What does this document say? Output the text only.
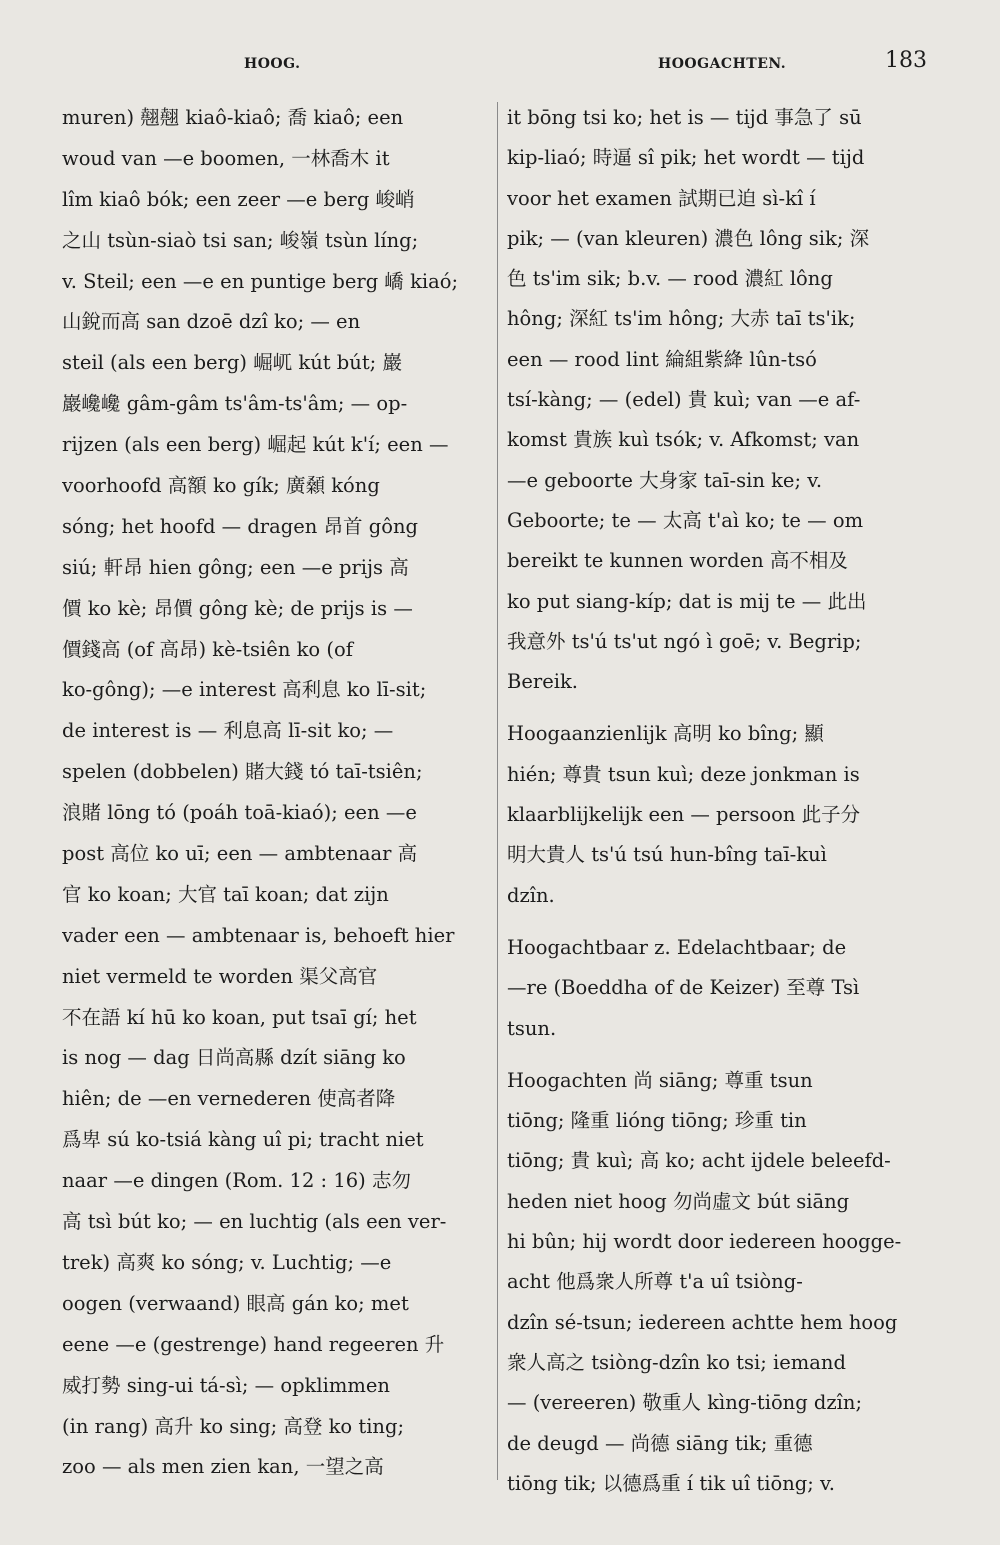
HOOG.	HOOGACHTEN.	183
muren) 翹翹 kiaô-kiaô; 喬 kiaô; een
woud van —e boomen, 一林喬木 it
lîm kiaô bók; een zeer —e berg 峻峭
之山 tsùn-siaò tsi san; 峻嶺 tsùn líng;
v. Steil; een —e en puntige berg 嶠 kiaó;
山銳而高 san dzoē dzî ko; — en
steil (als een berg) 崛屼 kút bút; 巖
巖巉巉 gâm-gâm ts'âm-ts'âm; — op-
rijzen (als een berg) 崛起 kút k'í; een —
voorhoofd 高額 ko gík; 廣顙 kóng
sóng; het hoofd — dragen 昂首 gông
siú; 軒昂 hien gông; een —e prijs 高
價 ko kè; 昂價 gông kè; de prijs is —
價錢高 (of 高昂) kè-tsiên ko (of
ko-gông); —e interest 高利息 ko lī-sit;
de interest is — 利息高 lī-sit ko; —
spelen (dobbelen) 賭大錢 tó taī-tsiên;
浪賭 lōng tó (poáh toā-kiaó); een —e
post 高位 ko uī; een — ambtenaar 高
官 ko koan; 大官 taī koan; dat zijn
vader een — ambtenaar is, behoeft hier
niet vermeld te worden 渠父高官
不在語 kí hū ko koan, put tsaī gí; het
is nog — dag 日尚高縣 dzít siāng ko
hiên; de —en vernederen 使高者降
爲卑 sú ko-tsiá kàng uî pi; tracht niet
naar —e dingen (Rom. 12 : 16) 志勿
高 tsì bút ko; — en luchtig (als een ver-
trek) 高爽 ko sóng; v. Luchtig; —e
oogen (verwaand) 眼高 gán ko; met
eene —e (gestrenge) hand regeeren 升
威打勢 sing-ui tá-sì; — opklimmen
(in rang) 高升 ko sing; 高登 ko ting;
zoo — als men zien kan, 一望之高
it bōng tsi ko; het is — tijd 事急了 sū
kip-liaó; 時逼 sî pik; het wordt — tijd
voor het examen 試期已迫 sì-kî í
pik; — (van kleuren) 濃色 lông sik; 深
色 ts'im sik; b.v. — rood 濃紅 lông
hông; 深紅 ts'im hông; 大赤 taī ts'ik;
een — rood lint 綸組紫絳 lûn-tsó
tsí-kàng; — (edel) 貴 kuì; van —e af-
komst 貴族 kuì tsók; v. Afkomst; van
—e geboorte 大身家 taī-sin ke; v.
Geboorte; te — 太高 t'aì ko; te — om
bereikt te kunnen worden 高不相及
ko put siang-kíp; dat is mij te — 此出
我意外 ts'ú ts'ut ngó ì goē; v. Begrip;
Bereik.
Hoogaanzienlijk 高明 ko bîng; 顯
hién; 尊貴 tsun kuì; deze jonkman is
klaarblijkelijk een — persoon 此子分
明大貴人 ts'ú tsú hun-bîng taī-kuì
dzîn.
Hoogachtbaar z. Edelachtbaar; de
—re (Boeddha of de Keizer) 至尊 Tsì
tsun.
Hoogachten 尚 siāng; 尊重 tsun
tiōng; 隆重 lióng tiōng; 珍重 tin
tiōng; 貴 kuì; 高 ko; acht ijdele beleefd-
heden niet hoog 勿尚虛文 bút siāng
hi bûn; hij wordt door iedereen hoogge-
acht 他爲衆人所尊 t'a uî tsiòng-
dzîn sé-tsun; iedereen achtte hem hoog
衆人高之 tsiòng-dzîn ko tsi; iemand
— (vereeren) 敬重人 kìng-tiōng dzîn;
de deugd — 尚德 siāng tik; 重德
tiōng tik; 以德爲重 í tik uî tiōng; v.
